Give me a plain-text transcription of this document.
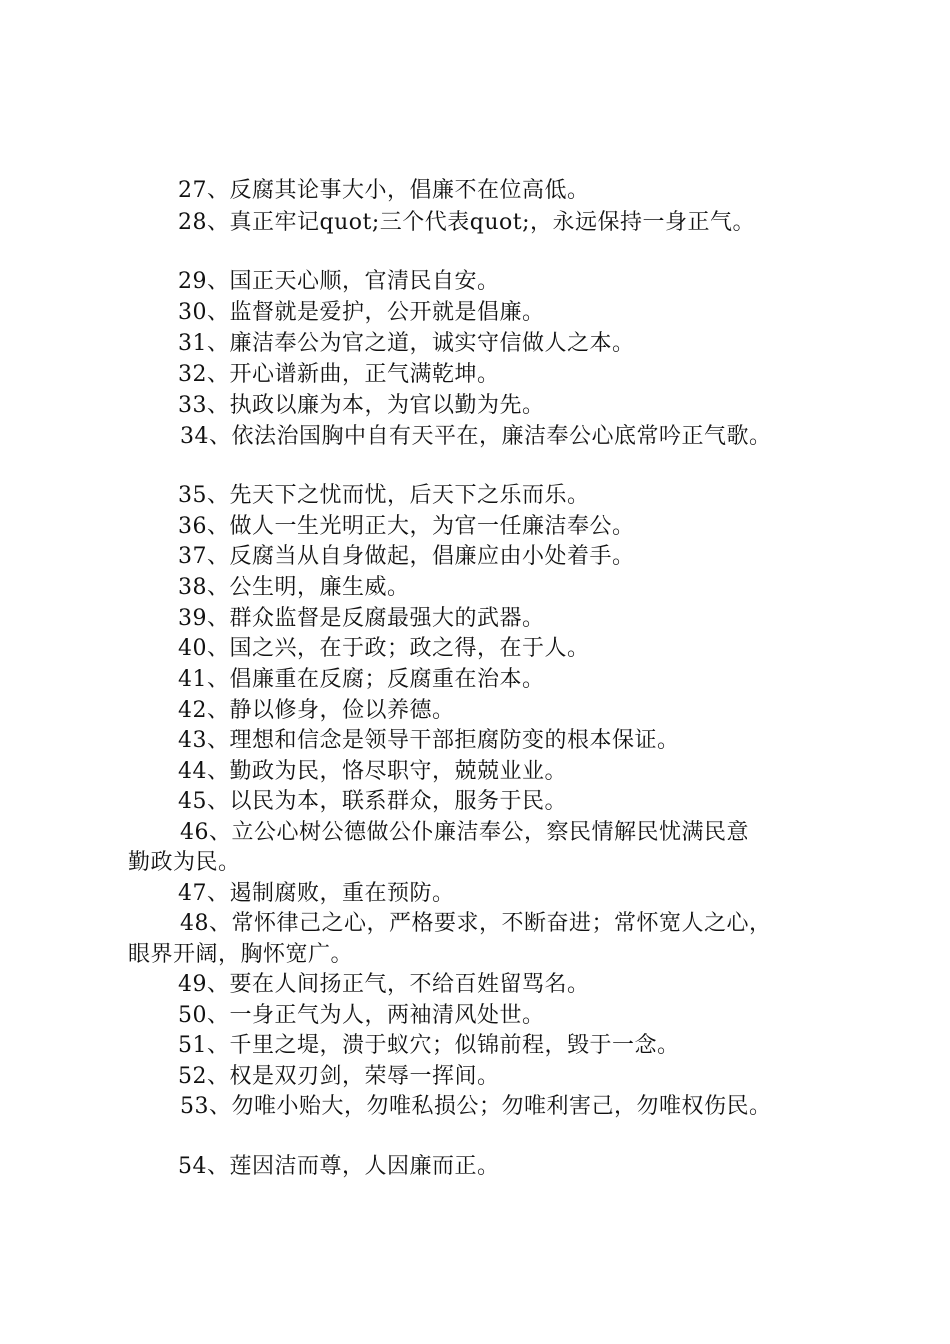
27、反腐其论事大小，倡廉不在位高低。
28、真正牢记quot;三个代表quot;，永远保持一身正气。
29、国正天心顺，官清民自安。
30、监督就是爱护，公开就是倡廉。
31、廉洁奉公为官之道，诚实守信做人之本。
32、开心谱新曲，正气满乾坤。
33、执政以廉为本，为官以勤为先。
34、依法治国胸中自有天平在，廉洁奉公心底常吟正气歌。
35、先天下之忧而忧，后天下之乐而乐。
36、做人一生光明正大，为官一任廉洁奉公。
37、反腐当从自身做起，倡廉应由小处着手。
38、公生明，廉生威。
39、群众监督是反腐最强大的武器。
40、国之兴，在于政；政之得，在于人。
41、倡廉重在反腐；反腐重在治本。
42、静以修身，俭以养德。
43、理想和信念是领导干部拒腐防变的根本保证。
44、勤政为民，恪尽职守，兢兢业业。
45、以民为本，联系群众，服务于民。
46、立公心树公德做公仆廉洁奉公，察民情解民忧满民意
勤政为民。
47、遏制腐败，重在预防。
48、常怀律己之心，严格要求，不断奋进；常怀宽人之心，
眼界开阔，胸怀宽广。
49、要在人间扬正气，不给百姓留骂名。
50、一身正气为人，两袖清风处世。
51、千里之堤，溃于蚁穴；似锦前程，毁于一念。
52、权是双刃剑，荣辱一挥间。
53、勿唯小贻大，勿唯私损公；勿唯利害己，勿唯权伤民。
54、莲因洁而尊，人因廉而正。
